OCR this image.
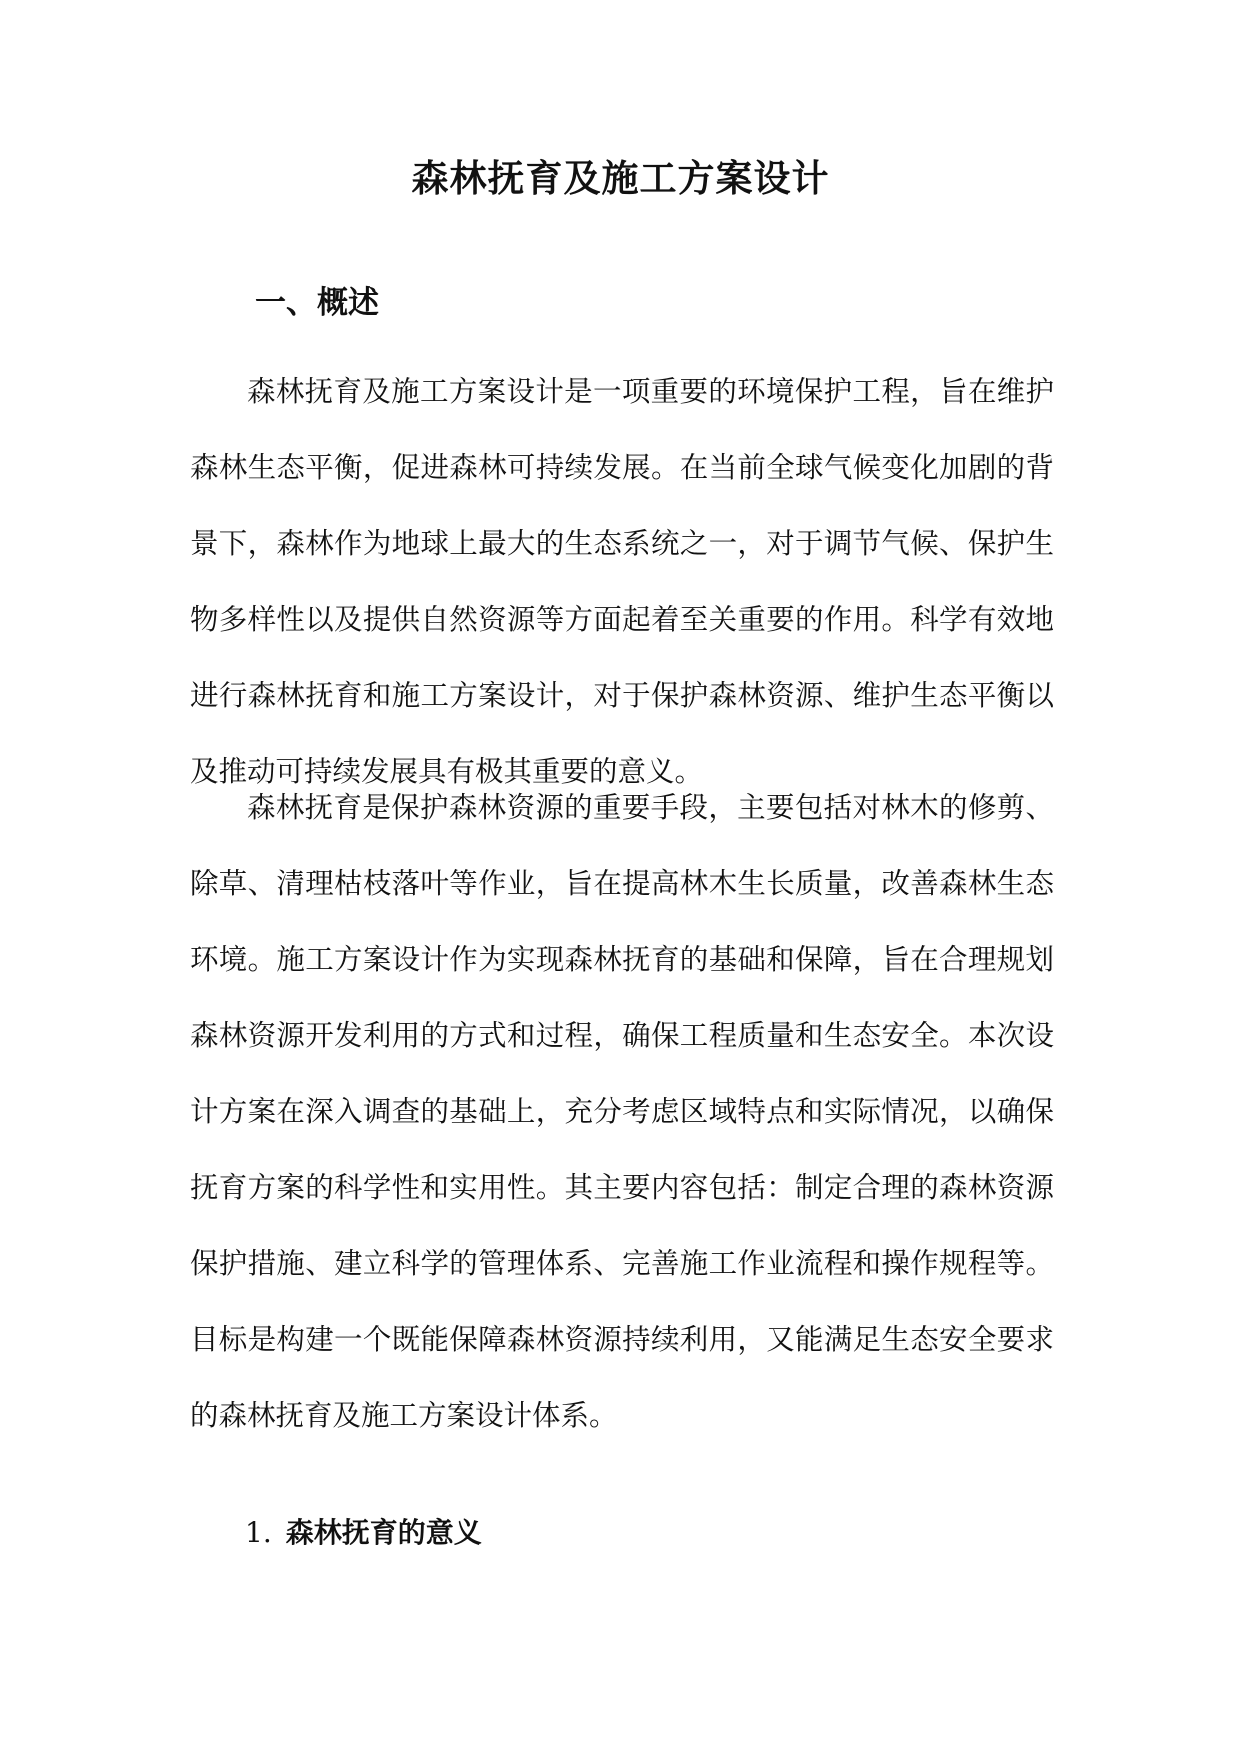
森林抚育及施工方案设计
一、概述

森林抚育及施工方案设计是一项重要的环境保护工程，旨在维护森林生态平衡，促进森林可持续发展。在当前全球气候变化加剧的背景下，森林作为地球上最大的生态系统之一，对于调节气候、保护生物多样性以及提供自然资源等方面起着至关重要的作用。科学有效地进行森林抚育和施工方案设计，对于保护森林资源、维护生态平衡以及推动可持续发展具有极其重要的意义。

森林抚育是保护森林资源的重要手段，主要包括对林木的修剪、除草、清理枯枝落叶等作业，旨在提高林木生长质量，改善森林生态环境。施工方案设计作为实现森林抚育的基础和保障，旨在合理规划森林资源开发利用的方式和过程，确保工程质量和生态安全。本次设计方案在深入调查的基础上，充分考虑区域特点和实际情况，以确保抚育方案的科学性和实用性。其主要内容包括：制定合理的森林资源保护措施、建立科学的管理体系、完善施工作业流程和操作规程等。目标是构建一个既能保障森林资源持续利用，又能满足生态安全要求的森林抚育及施工方案设计体系。

1. 森林抚育的意义
